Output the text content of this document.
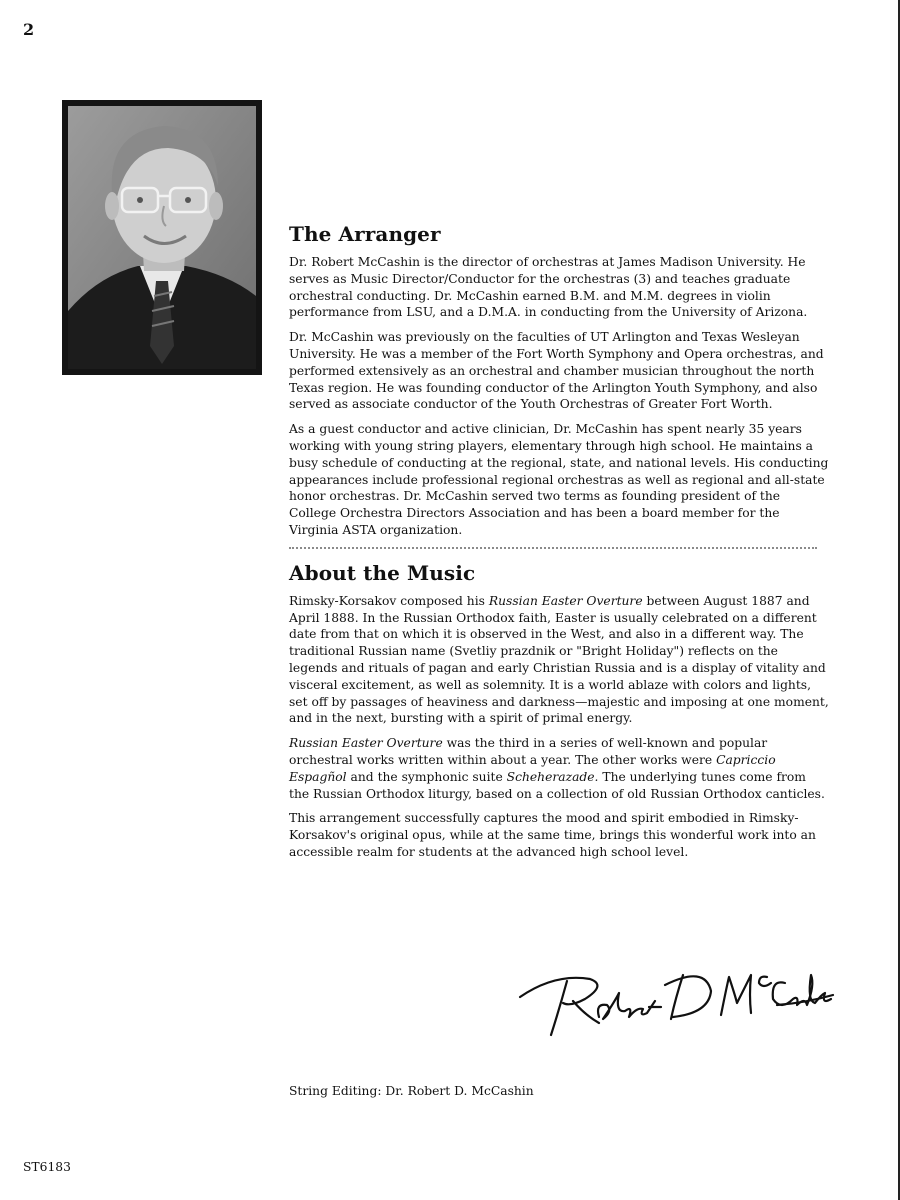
2
The Arranger

Dr. Robert McCashin is the director of orchestras at James Madison University. He serves as Music Director/Conductor for the orchestras (3) and teaches graduate orchestral conducting. Dr. McCashin earned B.M. and M.M. degrees in violin performance from LSU, and a D.M.A. in conducting from the University of Arizona.

Dr. McCashin was previously on the faculties of UT Arlington and Texas Wesleyan University. He was a member of the Fort Worth Symphony and Opera orchestras, and performed extensively as an orchestral and chamber musician throughout the north Texas region. He was founding conductor of the Arlington Youth Symphony, and also served as associate conductor of the Youth Orchestras of Greater Fort Worth.

As a guest conductor and active clinician, Dr. McCashin has spent nearly 35 years working with young string players, elementary through high school. He maintains a busy schedule of conducting at the regional, state, and national levels. His conducting appearances include professional regional orchestras as well as regional and all-state honor orchestras. Dr. McCashin served two terms as founding president of the College Orchestra Directors Association and has been a board member for the Virginia ASTA organization.

About the Music

Rimsky-Korsakov composed his Russian Easter Overture between August 1887 and April 1888. In the Russian Orthodox faith, Easter is usually celebrated on a different date from that on which it is observed in the West, and also in a different way. The traditional Russian name (Svetliy prazdnik or "Bright Holiday") reflects on the legends and rituals of pagan and early Christian Russia and is a display of vitality and visceral excitement, as well as solemnity. It is a world ablaze with colors and lights, set off by passages of heaviness and darkness—majestic and imposing at one moment, and in the next, bursting with a spirit of primal energy.

Russian Easter Overture was the third in a series of well-known and popular orchestral works written within about a year. The other works were Capriccio Espagñol and the symphonic suite Scheherazade. The underlying tunes come from the Russian Orthodox liturgy, based on a collection of old Russian Orthodox canticles.

This arrangement successfully captures the mood and spirit embodied in Rimsky-Korsakov's original opus, while at the same time, brings this wonderful work into an accessible realm for students at the advanced high school level.

String Editing: Dr. Robert D. McCashin
ST6183
